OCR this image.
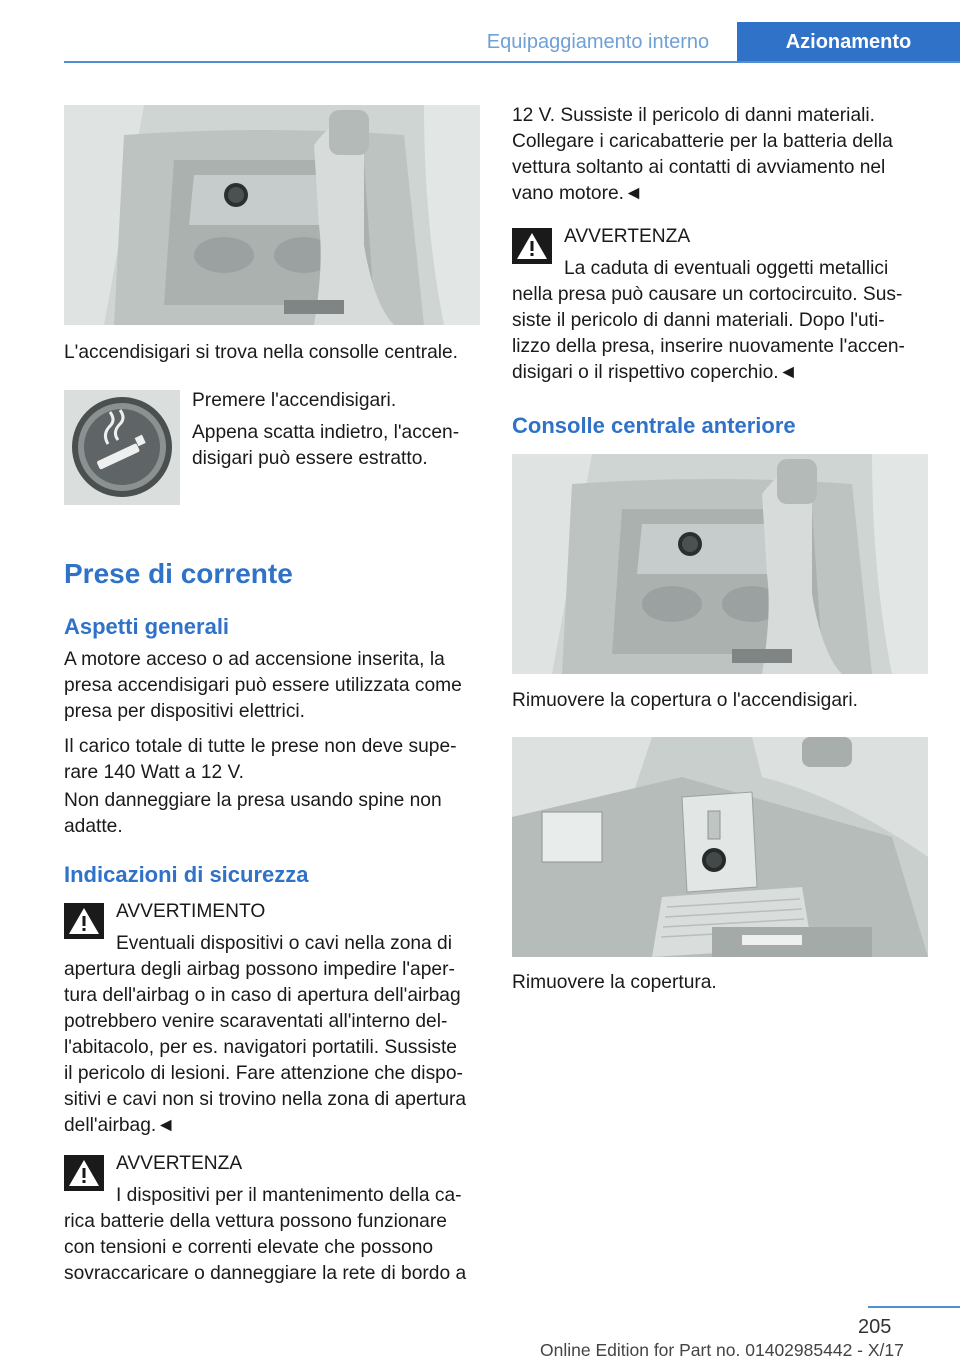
Equipaggiamento interno	Azionamento
L'accendisigari si trova nella consolle centrale.
Premere l'accendisigari.
Appena scatta indietro, l'accen‐
disigari può essere estratto.
Prese di corrente
Aspetti generali
A motore acceso o ad accensione inserita, la
presa accendisigari può essere utilizzata come
presa per dispositivi elettrici.
Il carico totale di tutte le prese non deve supe‐
rare 140 Watt a 12 V.
Non danneggiare la presa usando spine non
adatte.
Indicazioni di sicurezza
AVVERTIMENTO
Eventuali dispositivi o cavi nella zona di
apertura degli airbag possono impedire l'aper‐
tura dell'airbag o in caso di apertura dell'airbag
potrebbero venire scaraventati all'interno del‐
l'abitacolo, per es. navigatori portatili. Sussiste
il pericolo di lesioni. Fare attenzione che dispo‐
sitivi e cavi non si trovino nella zona di apertura
dell'airbag.◄
AVVERTENZA
I dispositivi per il mantenimento della ca‐
rica batterie della vettura possono funzionare
con tensioni e correnti elevate che possono
sovraccaricare o danneggiare la rete di bordo a
12 V. Sussiste il pericolo di danni materiali.
Collegare i caricabatterie per la batteria della
vettura soltanto ai contatti di avviamento nel
vano motore.◄
AVVERTENZA
La caduta di eventuali oggetti metallici
nella presa può causare un cortocircuito. Sus‐
siste il pericolo di danni materiali. Dopo l'uti‐
lizzo della presa, inserire nuovamente l'accen‐
disigari o il rispettivo coperchio.◄
Consolle centrale anteriore
Rimuovere la copertura o l'accendisigari.
Rimuovere la copertura.
205
Online Edition for Part no. 01402985442 - X/17
